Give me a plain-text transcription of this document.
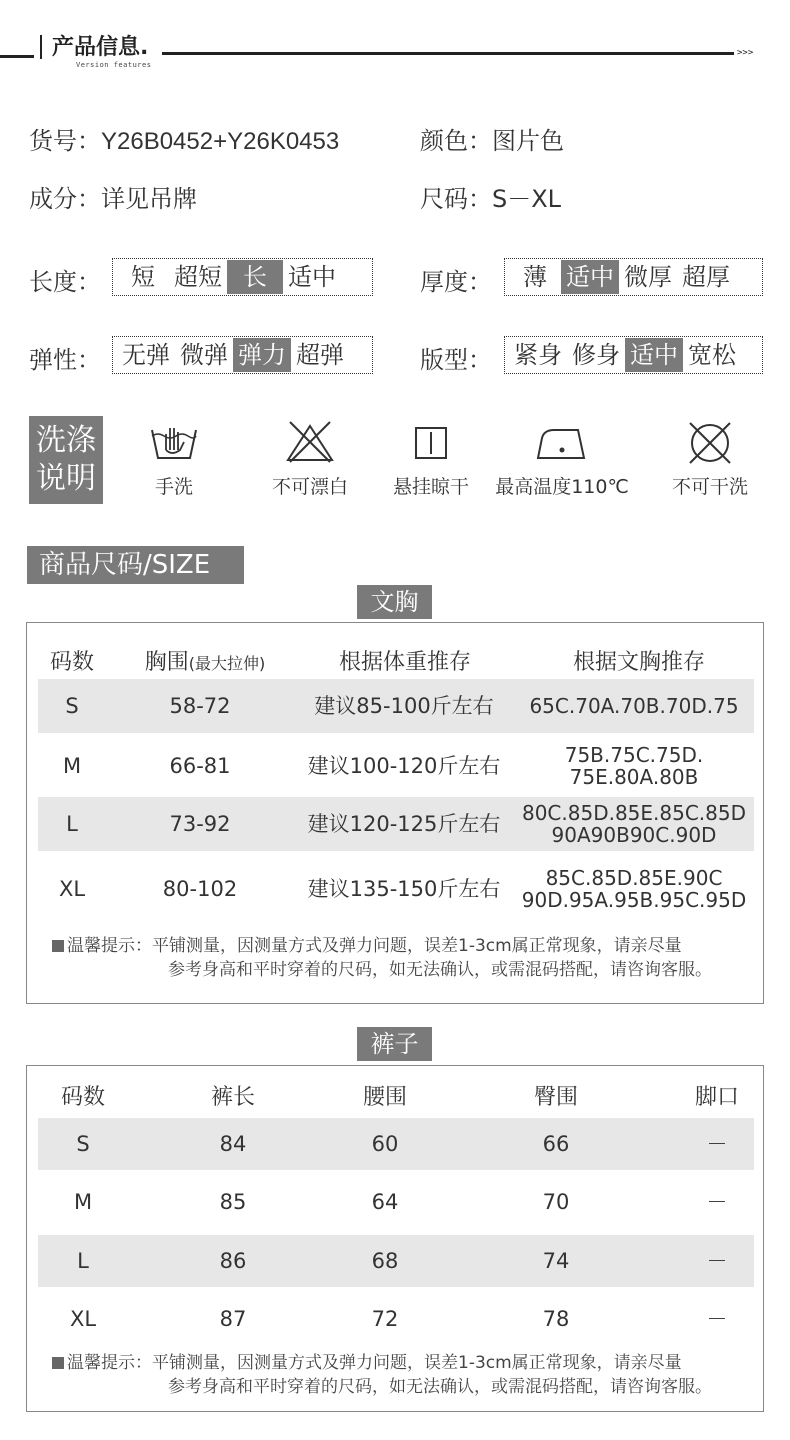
产品信息.
Version features
>>>
货号：Y26B0452+Y26K0453	颜色：图片色
成分：详见吊牌	尺码：S－XL
长度：	短 超短 长 适中	厚度：	薄 适中 微厚 超厚
弹性： 无弹 微弹 弹力 超弹	版型： 紧身 修身 适中 宽松
洗涤
说明	手洗	不可漂白	悬挂晾干	最高温度110℃	不可干洗
商品尺码/SIZE
文胸
码数	胸围(最大拉伸)	根据体重推存	根据文胸推存
S	58-72	建议85-100斤左右	65C.70A.70B.70D.75
M	66-81	建议100-120斤左右	75B.75C.75D.
75E.80A.80B
L	73-92	建议120-125斤左右	80C.85D.85E.85C.85D
90A90B90C.90D
XL	80-102	建议135-150斤左右	85C.85D.85E.90C
90D.95A.95B.95C.95D
温馨提示：平铺测量，因测量方式及弹力问题，误差1-3cm属正常现象，请亲尽量
参考身高和平时穿着的尺码，如无法确认，或需混码搭配，请咨询客服。
裤子
码数	裤长	腰围	臀围	脚口
S	84	60	66	－
M	85	64	70	－
L	86	68	74	－
XL	87	72	78	－
温馨提示：平铺测量，因测量方式及弹力问题，误差1-3cm属正常现象，请亲尽量
参考身高和平时穿着的尺码，如无法确认，或需混码搭配，请咨询客服。
